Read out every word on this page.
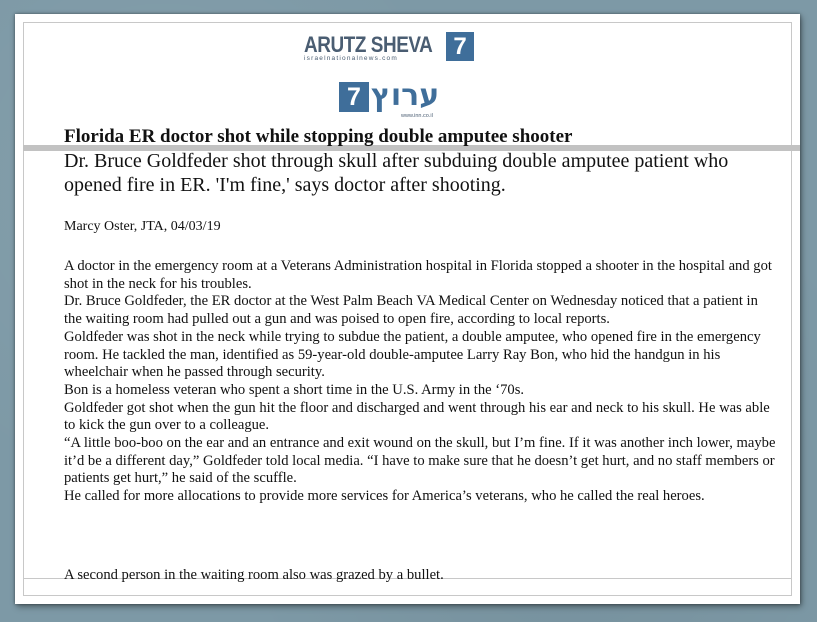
ARUTZ SHEVA
israelnationalnews.com	7
7 ערוץ
www.inn.co.il
Florida ER doctor shot while stopping double amputee shooter
Dr. Bruce Goldfeder shot through skull after subduing double amputee patient who opened fire in ER. 'I'm fine,' says doctor after shooting.
Marcy Oster, JTA, 04/03/19

A doctor in the emergency room at a Veterans Administration hospital in Florida stopped a shooter in the hospital and got shot in the neck for his troubles.

Dr. Bruce Goldfeder, the ER doctor at the West Palm Beach VA Medical Center on Wednesday noticed that a patient in the waiting room had pulled out a gun and was poised to open fire, according to local reports.

Goldfeder was shot in the neck while trying to subdue the patient, a double amputee, who opened fire in the emergency room. He tackled the man, identified as 59-year-old double-amputee Larry Ray Bon, who hid the handgun in his wheelchair when he passed through security.

Bon is a homeless veteran who spent a short time in the U.S. Army in the ‘70s.

Goldfeder got shot when the gun hit the floor and discharged and went through his ear and neck to his skull. He was able to kick the gun over to a colleague.

“A little boo-boo on the ear and an entrance and exit wound on the skull, but I’m fine. If it was another inch lower, maybe it’d be a different day,” Goldfeder told local media. “I have to make sure that he doesn’t get hurt, and no staff members or patients get hurt,” he said of the scuffle.

He called for more allocations to provide more services for America’s veterans, who he called the real heroes.

A second person in the waiting room also was grazed by a bullet.
